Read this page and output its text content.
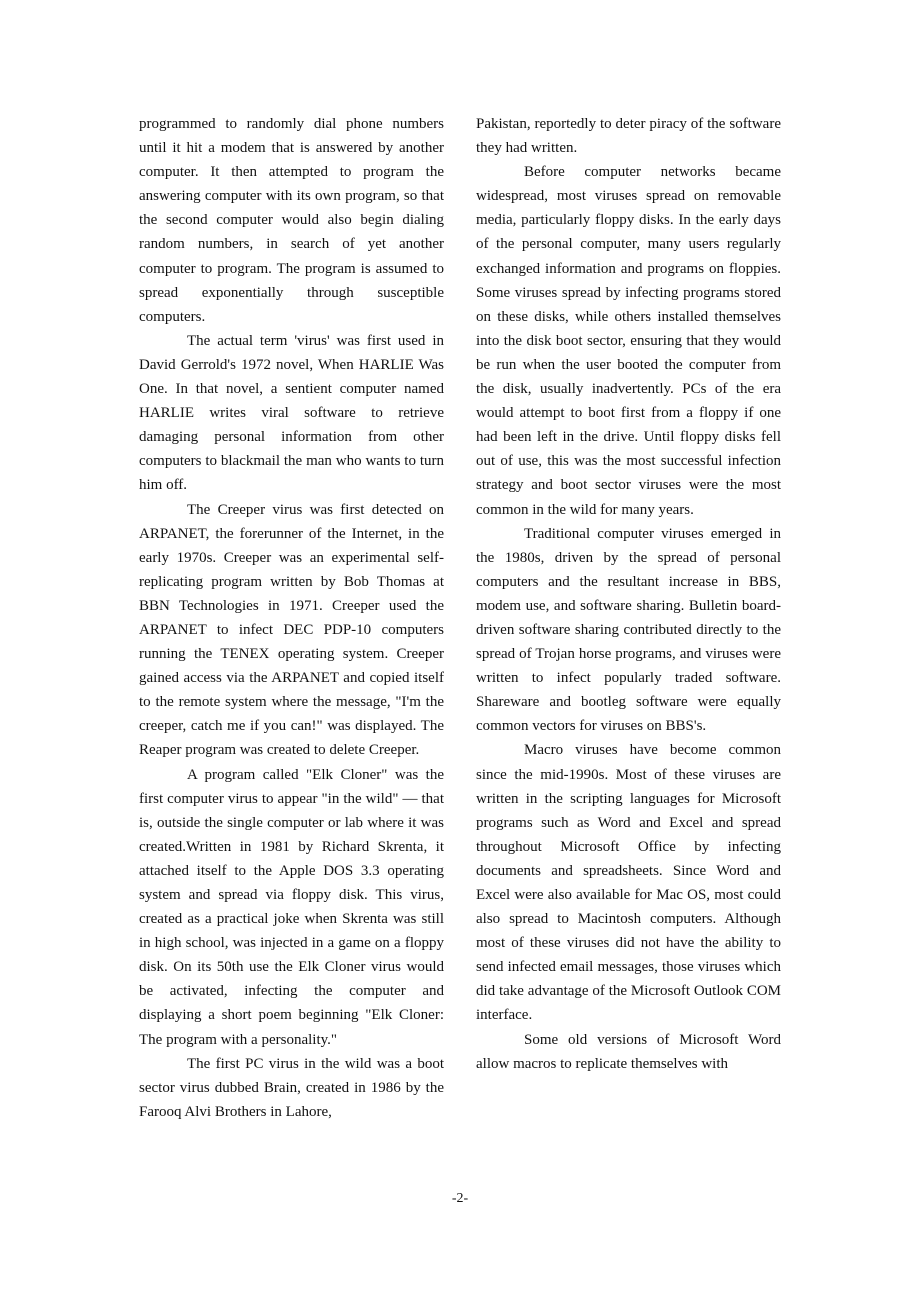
programmed to randomly dial phone numbers until it hit a modem that is answered by another computer. It then attempted to program the answering computer with its own program, so that the second computer would also begin dialing random numbers, in search of yet another computer to program. The program is assumed to spread exponentially through susceptible computers.

The actual term 'virus' was first used in David Gerrold's 1972 novel, When HARLIE Was One. In that novel, a sentient computer named HARLIE writes viral software to retrieve damaging personal information from other computers to blackmail the man who wants to turn him off.

The Creeper virus was first detected on ARPANET, the forerunner of the Internet, in the early 1970s. Creeper was an experimental self-replicating program written by Bob Thomas at BBN Technologies in 1971. Creeper used the ARPANET to infect DEC PDP-10 computers running the TENEX operating system. Creeper gained access via the ARPANET and copied itself to the remote system where the message, "I'm the creeper, catch me if you can!" was displayed. The Reaper program was created to delete Creeper.

A program called "Elk Cloner" was the first computer virus to appear "in the wild" — that is, outside the single computer or lab where it was created.Written in 1981 by Richard Skrenta, it attached itself to the Apple DOS 3.3 operating system and spread via floppy disk. This virus, created as a practical joke when Skrenta was still in high school, was injected in a game on a floppy disk. On its 50th use the Elk Cloner virus would be activated, infecting the computer and displaying a short poem beginning "Elk Cloner: The program with a personality."

The first PC virus in the wild was a boot sector virus dubbed Brain, created in 1986 by the Farooq Alvi Brothers in Lahore,

Pakistan, reportedly to deter piracy of the software they had written.

Before computer networks became widespread, most viruses spread on removable media, particularly floppy disks. In the early days of the personal computer, many users regularly exchanged information and programs on floppies. Some viruses spread by infecting programs stored on these disks, while others installed themselves into the disk boot sector, ensuring that they would be run when the user booted the computer from the disk, usually inadvertently. PCs of the era would attempt to boot first from a floppy if one had been left in the drive. Until floppy disks fell out of use, this was the most successful infection strategy and boot sector viruses were the most common in the wild for many years.

Traditional computer viruses emerged in the 1980s, driven by the spread of personal computers and the resultant increase in BBS, modem use, and software sharing. Bulletin board-driven software sharing contributed directly to the spread of Trojan horse programs, and viruses were written to infect popularly traded software. Shareware and bootleg software were equally common vectors for viruses on BBS's.

Macro viruses have become common since the mid-1990s. Most of these viruses are written in the scripting languages for Microsoft programs such as Word and Excel and spread throughout Microsoft Office by infecting documents and spreadsheets. Since Word and Excel were also available for Mac OS, most could also spread to Macintosh computers. Although most of these viruses did not have the ability to send infected email messages, those viruses which did take advantage of the Microsoft Outlook COM interface.

Some old versions of Microsoft Word allow macros to replicate themselves with

-2-
